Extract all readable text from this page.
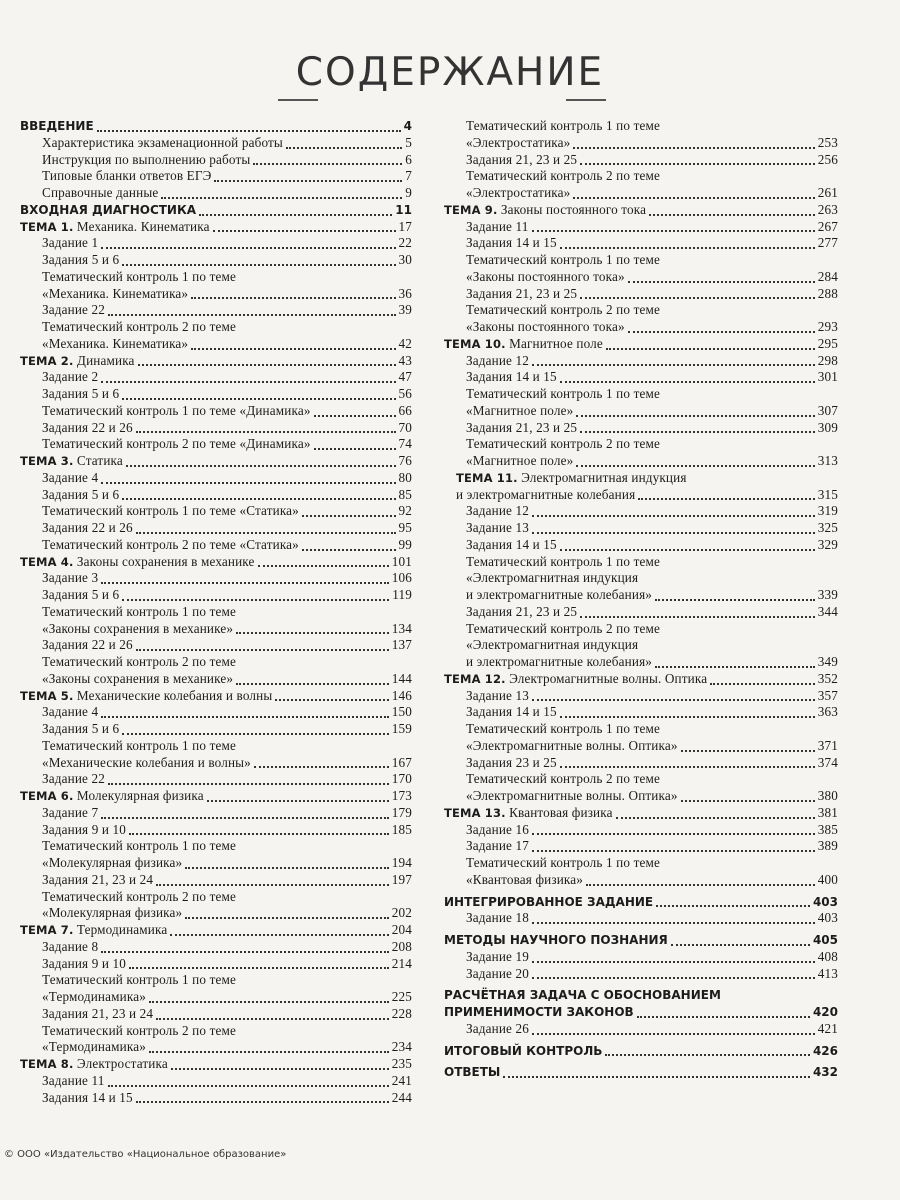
СОДЕРЖАНИЕ
ВВЕДЕНИЕ	4
Характеристика экзаменационной работы	5
Инструкция по выполнению работы	6
Типовые бланки ответов ЕГЭ	7
Справочные данные	9
ВХОДНАЯ ДИАГНОСТИКА	11
ТЕМА 1. Механика. Кинематика	17
Задание 1	22
Задания 5 и 6	30
Тематический контроль 1 по теме
«Механика. Кинематика»	36
Задание 22	39
Тематический контроль 2 по теме
«Механика. Кинематика»	42
ТЕМА 2. Динамика	43
Задание 2	47
Задания 5 и 6	56
Тематический контроль 1 по теме «Динамика»	66
Задания 22 и 26	70
Тематический контроль 2 по теме «Динамика»	74
ТЕМА 3. Статика	76
Задание 4	80
Задания 5 и 6	85
Тематический контроль 1 по теме «Статика»	92
Задания 22 и 26	95
Тематический контроль 2 по теме «Статика»	99
ТЕМА 4. Законы сохранения в механике	101
Задание 3	106
Задания 5 и 6	119
Тематический контроль 1 по теме
«Законы сохранения в механике»	134
Задания 22 и 26	137
Тематический контроль 2 по теме
«Законы сохранения в механике»	144
ТЕМА 5. Механические колебания и волны	146
Задание 4	150
Задания 5 и 6	159
Тематический контроль 1 по теме
«Механические колебания и волны»	167
Задание 22	170
ТЕМА 6. Молекулярная физика	173
Задание 7	179
Задания 9 и 10	185
Тематический контроль 1 по теме
«Молекулярная физика»	194
Задания 21, 23 и 24	197
Тематический контроль 2 по теме
«Молекулярная физика»	202
ТЕМА 7. Термодинамика	204
Задание 8	208
Задания 9 и 10	214
Тематический контроль 1 по теме
«Термодинамика»	225
Задания 21, 23 и 24	228
Тематический контроль 2 по теме
«Термодинамика»	234
ТЕМА 8. Электростатика	235
Задание 11	241
Задания 14 и 15	244
Тематический контроль 1 по теме
«Электростатика»	253
Задания 21, 23 и 25	256
Тематический контроль 2 по теме
«Электростатика»	261
ТЕМА 9. Законы постоянного тока	263
Задание 11	267
Задания 14 и 15	277
Тематический контроль 1 по теме
«Законы постоянного тока»	284
Задания 21, 23 и 25	288
Тематический контроль 2 по теме
«Законы постоянного тока»	293
ТЕМА 10. Магнитное поле	295
Задание 12	298
Задания 14 и 15	301
Тематический контроль 1 по теме
«Магнитное поле»	307
Задания 21, 23 и 25	309
Тематический контроль 2 по теме
«Магнитное поле»	313
ТЕМА 11. Электромагнитная индукция
и электромагнитные колебания	315
Задание 12	319
Задание 13	325
Задания 14 и 15	329
Тематический контроль 1 по теме
«Электромагнитная индукция
и электромагнитные колебания»	339
Задания 21, 23 и 25	344
Тематический контроль 2 по теме
«Электромагнитная индукция
и электромагнитные колебания»	349
ТЕМА 12. Электромагнитные волны. Оптика	352
Задание 13	357
Задания 14 и 15	363
Тематический контроль 1 по теме
«Электромагнитные волны. Оптика»	371
Задания 23 и 25	374
Тематический контроль 2 по теме
«Электромагнитные волны. Оптика»	380
ТЕМА 13. Квантовая физика	381
Задание 16	385
Задание 17	389
Тематический контроль 1 по теме
«Квантовая физика»	400
ИНТЕГРИРОВАННОЕ ЗАДАНИЕ	403
Задание 18	403
МЕТОДЫ НАУЧНОГО ПОЗНАНИЯ	405
Задание 19	408
Задание 20	413
РАСЧЁТНАЯ ЗАДАЧА С ОБОСНОВАНИЕМ
ПРИМЕНИМОСТИ ЗАКОНОВ	420
Задание 26	421
ИТОГОВЫЙ КОНТРОЛЬ	426
ОТВЕТЫ	432
© ООО «Издательство «Национальное образование»
